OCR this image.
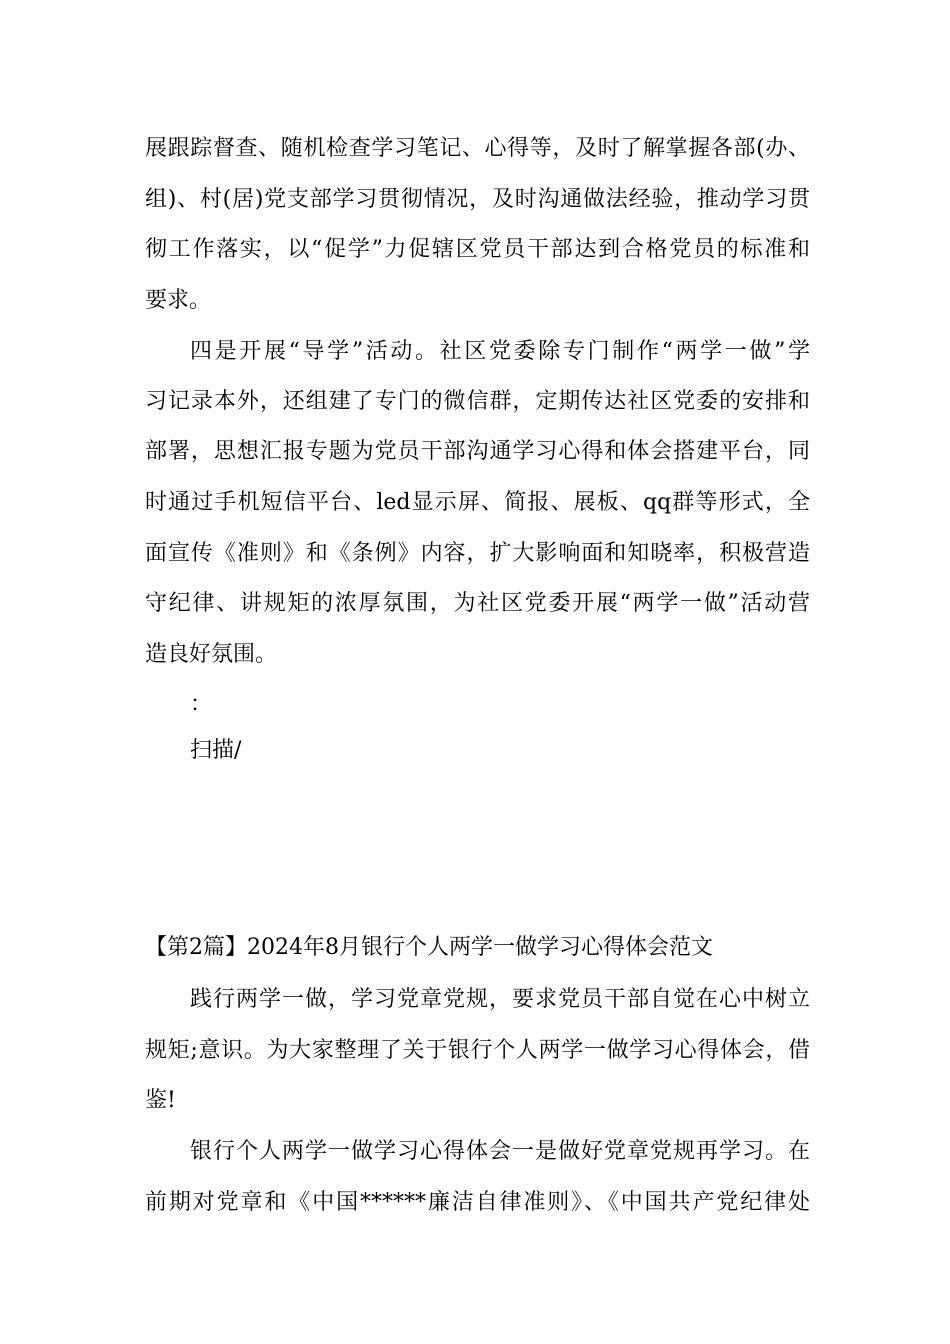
展跟踪督查、随机检查学习笔记、心得等，及时了解掌握各部(办、
组)、村(居)党支部学习贯彻情况，及时沟通做法经验，推动学习贯
彻工作落实，以“促学”力促辖区党员干部达到合格党员的标准和
要求。
四是开展“导学”活动。社区党委除专门制作“两学一做”学
习记录本外，还组建了专门的微信群，定期传达社区党委的安排和
部署，思想汇报专题为党员干部沟通学习心得和体会搭建平台，同
时通过手机短信平台、led显示屏、简报、展板、qq群等形式，全
面宣传《准则》和《条例》内容，扩大影响面和知晓率，积极营造
守纪律、讲规矩的浓厚氛围，为社区党委开展“两学一做”活动营
造良好氛围。
：
扫描/
【第2篇】2024年8月银行个人两学一做学习心得体会范文
践行两学一做，学习党章党规，要求党员干部自觉在心中树立
规矩;意识。为大家整理了关于银行个人两学一做学习心得体会，借
鉴!
银行个人两学一做学习心得体会一是做好党章党规再学习。在
前期对党章和《中国******廉洁自律准则》、《中国共产党纪律处
